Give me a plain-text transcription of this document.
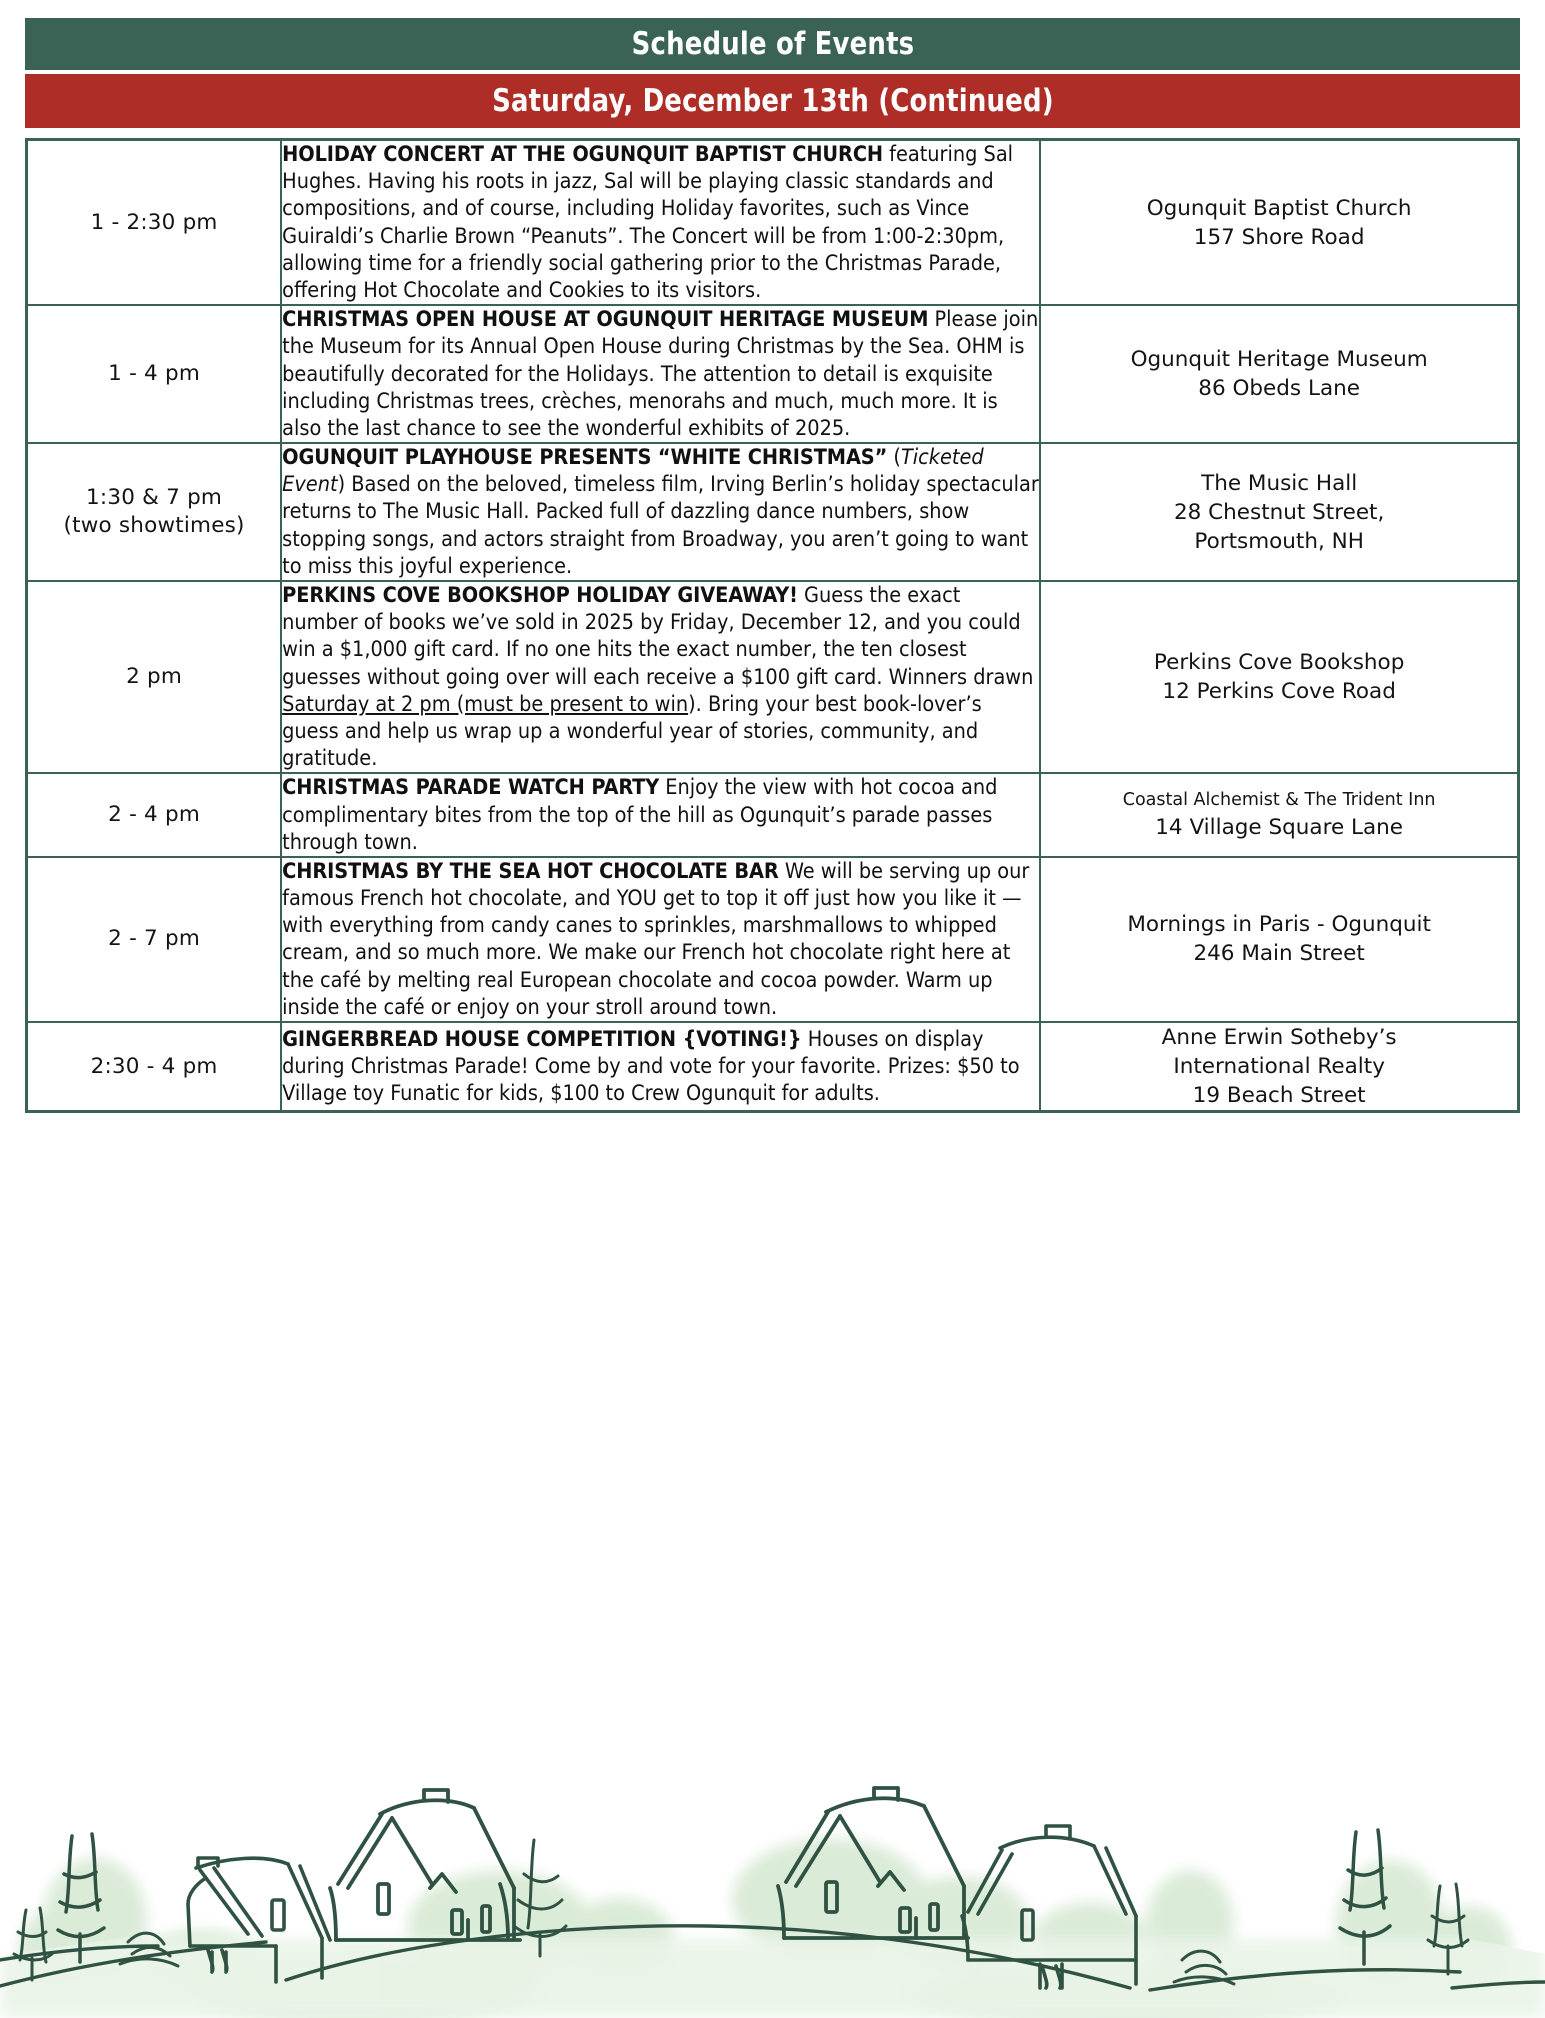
Schedule of Events
Saturday, December 13th (Continued)
1 - 2:30 pm	HOLIDAY CONCERT AT THE OGUNQUIT BAPTIST CHURCH featuring Sal Hughes. Having his roots in jazz, Sal will be playing classic standards and compositions, and of course, including Holiday favorites, such as Vince Guiraldi’s Charlie Brown “Peanuts”. The Concert will be from 1:00-2:30pm, allowing time for a friendly social gathering prior to the Christmas Parade, offering Hot Chocolate and Cookies to its visitors.	Ogunquit Baptist Church
157 Shore Road

1 - 4 pm	CHRISTMAS OPEN HOUSE AT OGUNQUIT HERITAGE MUSEUM Please join the Museum for its Annual Open House during Christmas by the Sea. OHM is beautifully decorated for the Holidays. The attention to detail is exquisite including Christmas trees, crèches, menorahs and much, much more. It is also the last chance to see the wonderful exhibits of 2025.	Ogunquit Heritage Museum
86 Obeds Lane

1:30 & 7 pm
(two showtimes)
	OGUNQUIT PLAYHOUSE PRESENTS “WHITE CHRISTMAS” (Ticketed Event) Based on the beloved, timeless film, Irving Berlin’s holiday spectacular returns to The Music Hall. Packed full of dazzling dance numbers, show stopping songs, and actors straight from Broadway, you aren’t going to want to miss this joyful experience.	
The Music Hall
28 Chestnut Street,
Portsmouth, NH

2 pm	PERKINS COVE BOOKSHOP HOLIDAY GIVEAWAY! Guess the exact number of books we’ve sold in 2025 by Friday, December 12, and you could win a $1,000 gift card. If no one hits the exact number, the ten closest guesses without going over will each receive a $100 gift card. Winners drawn Saturday at 2 pm (must be present to win). Bring your best book-lover’s guess and help us wrap up a wonderful year of stories, community, and gratitude.	Perkins Cove Bookshop
12 Perkins Cove Road

2 - 4 pm	CHRISTMAS PARADE WATCH PARTY Enjoy the view with hot cocoa and complimentary bites from the top of the hill as Ogunquit’s parade passes through town.	Coastal Alchemist & The Trident Inn
14 Village Square Lane

2 - 7 pm	CHRISTMAS BY THE SEA HOT CHOCOLATE BAR We will be serving up our famous French hot chocolate, and YOU get to top it off just how you like it — with everything from candy canes to sprinkles, marshmallows to whipped cream, and so much more. We make our French hot chocolate right here at the café by melting real European chocolate and cocoa powder. Warm up inside the café or enjoy on your stroll around town.	Mornings in Paris - Ogunquit
246 Main Street

2:30 - 4 pm	GINGERBREAD HOUSE COMPETITION {VOTING!} Houses on display during Christmas Parade! Come by and vote for your favorite. Prizes: $50 to Village toy Funatic for kids, $100 to Crew Ogunquit for adults.	Anne Erwin Sotheby’s
International Realty
19 Beach Street
